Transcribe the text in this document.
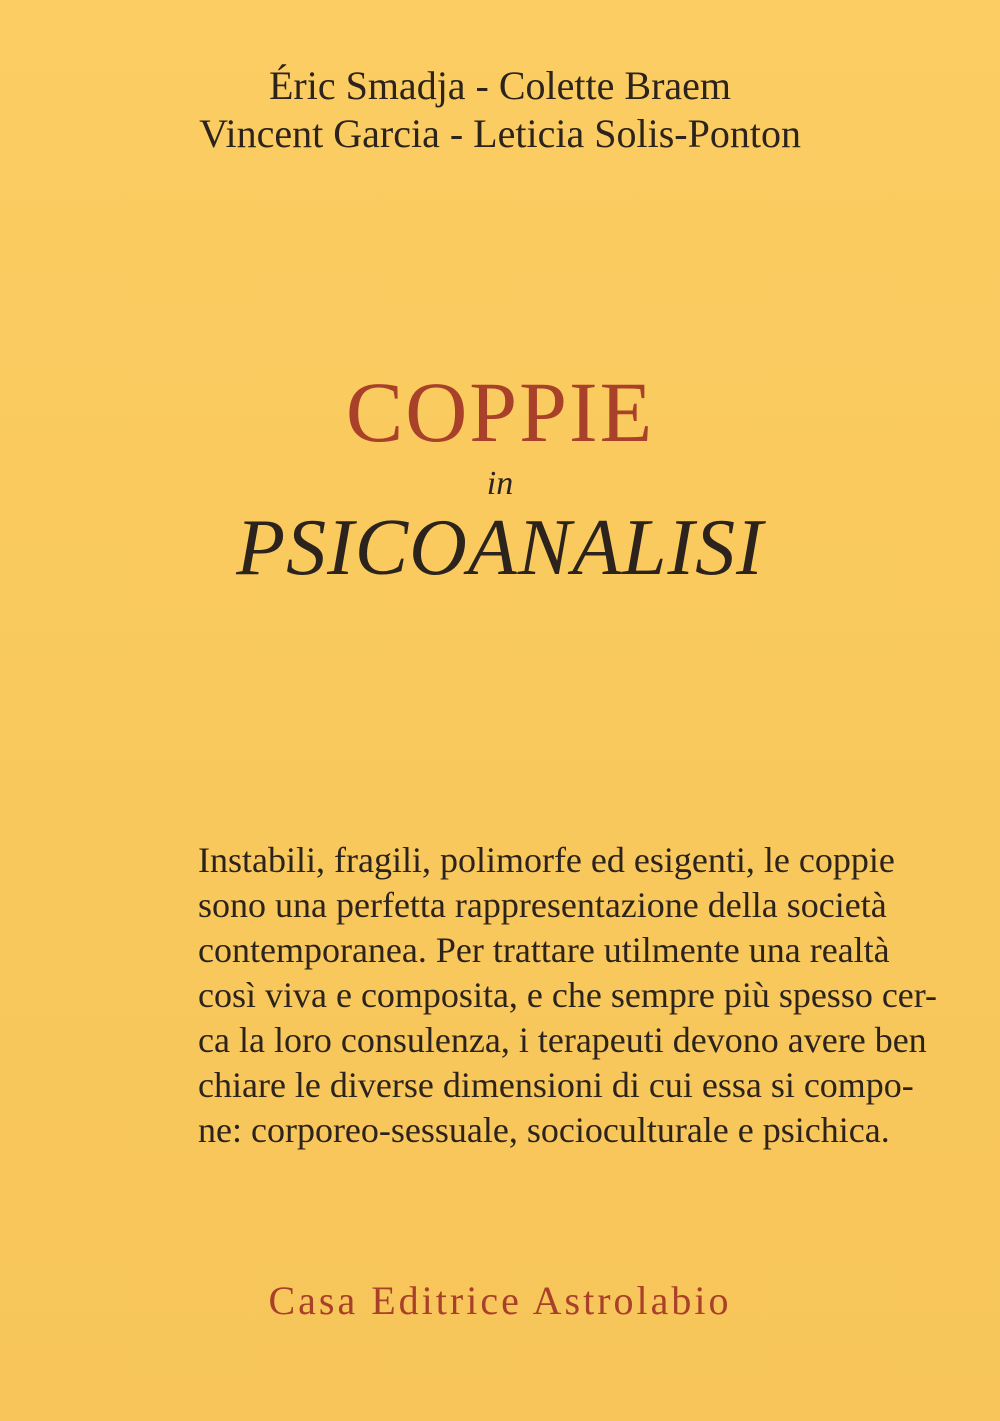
Éric Smadja - Colette Braem
Vincent Garcia - Leticia Solis-Ponton
COPPIE
in
PSICOANALISI
Instabili, fragili, polimorfe ed esigenti, le coppie
sono una perfetta rappresentazione della società
contemporanea. Per trattare utilmente una realtà
così viva e composita, e che sempre più spesso cer-
ca la loro consulenza, i terapeuti devono avere ben
chiare le diverse dimensioni di cui essa si compo-
ne: corporeo-sessuale, socioculturale e psichica.
Casa Editrice Astrolabio
